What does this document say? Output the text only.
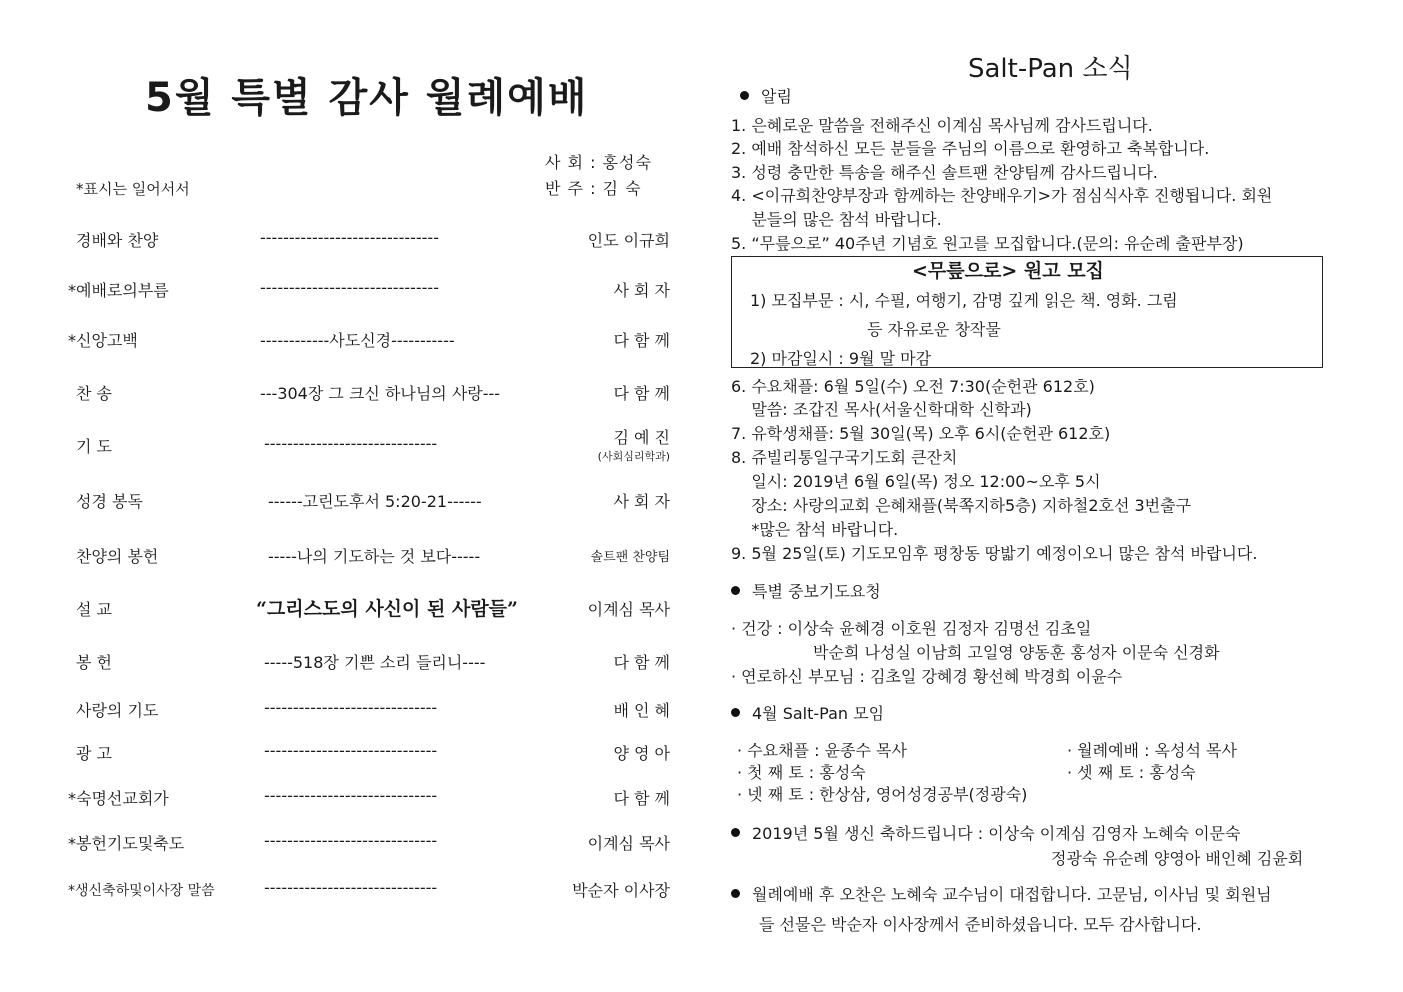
5월 특별 감사 월례예배
사 회 : 홍성숙
반 주 : 김 숙
*표시는 일어서서
경배와 찬양	-------------------------------	인도 이규희
*예배로의부름	-------------------------------	사 회 자
*신앙고백	------------사도신경-----------	다 함 께
찬 송	---304장 그 크신 하나님의 사랑---	다 함 께
기 도	------------------------------	김 예 진
(사회심리학과)
성경 봉독	------고린도후서 5:20-21------	사 회 자
찬양의 봉헌	-----나의 기도하는 것 보다-----	솔트팬 찬양팀
설 교	“그리스도의 사신이 된 사람들”	이계심 목사
봉 헌	-----518장 기쁜 소리 들리니----	다 함 께
사랑의 기도	------------------------------	배 인 혜
광 고	------------------------------	양 영 아
*숙명선교회가	------------------------------	다 함 께
*봉헌기도및축도	------------------------------	이계심 목사
*생신축하및이사장 말씀	------------------------------	박순자 이사장
Salt-Pan 소식
알림
1. 은혜로운 말씀을 전해주신 이계심 목사님께 감사드립니다.
2. 예배 참석하신 모든 분들을 주님의 이름으로 환영하고 축복합니다.
3. 성령 충만한 특송을 해주신 솔트팬 찬양팀께 감사드립니다.
4. <이규희찬양부장과 함께하는 찬양배우기>가 점심식사후 진행됩니다. 회원
분들의 많은 참석 바랍니다.
5. “무릎으로” 40주년 기념호 원고를 모집합니다.(문의: 유순례 출판부장)
<무릎으로> 원고 모집
1) 모집부문 : 시, 수필, 여행기, 감명 깊게 읽은 책. 영화. 그림
등 자유로운 창작물
2) 마감일시 : 9월 말 마감
6. 수요채플: 6월 5일(수) 오전 7:30(순헌관 612호)
말씀: 조갑진 목사(서울신학대학 신학과)
7. 유학생채플: 5월 30일(목) 오후 6시(순헌관 612호)
8. 쥬빌리통일구국기도회 큰잔치
일시: 2019년 6월 6일(목) 정오 12:00~오후 5시
장소: 사랑의교회 은혜채플(북쪽지하5층) 지하철2호선 3번출구
*많은 참석 바랍니다.
9. 5월 25일(토) 기도모임후 평창동 땅밟기 예정이오니 많은 참석 바랍니다.
특별 중보기도요청
· 건강 : 이상숙 윤혜경 이호원 김정자 김명선 김초일
박순희 나성실 이남희 고일영 양동훈 홍성자 이문숙 신경화
· 연로하신 부모님 : 김초일 강혜경 황선혜 박경희 이윤수
4월 Salt-Pan 모임
· 수요채플 : 윤종수 목사
· 첫 째 토 : 홍성숙
· 넷 째 토 : 한상삼, 영어성경공부(정광숙)
· 월례예배 : 옥성석 목사
· 셋 째 토 : 홍성숙
2019년 5월 생신 축하드립니다 : 이상숙 이계심 김영자 노혜숙 이문숙
정광숙 유순례 양영아 배인혜 김윤회
월례예배 후 오찬은 노혜숙 교수님이 대접합니다. 고문님, 이사님 및 회원님
들 선물은 박순자 이사장께서 준비하셨읍니다. 모두 감사합니다.
